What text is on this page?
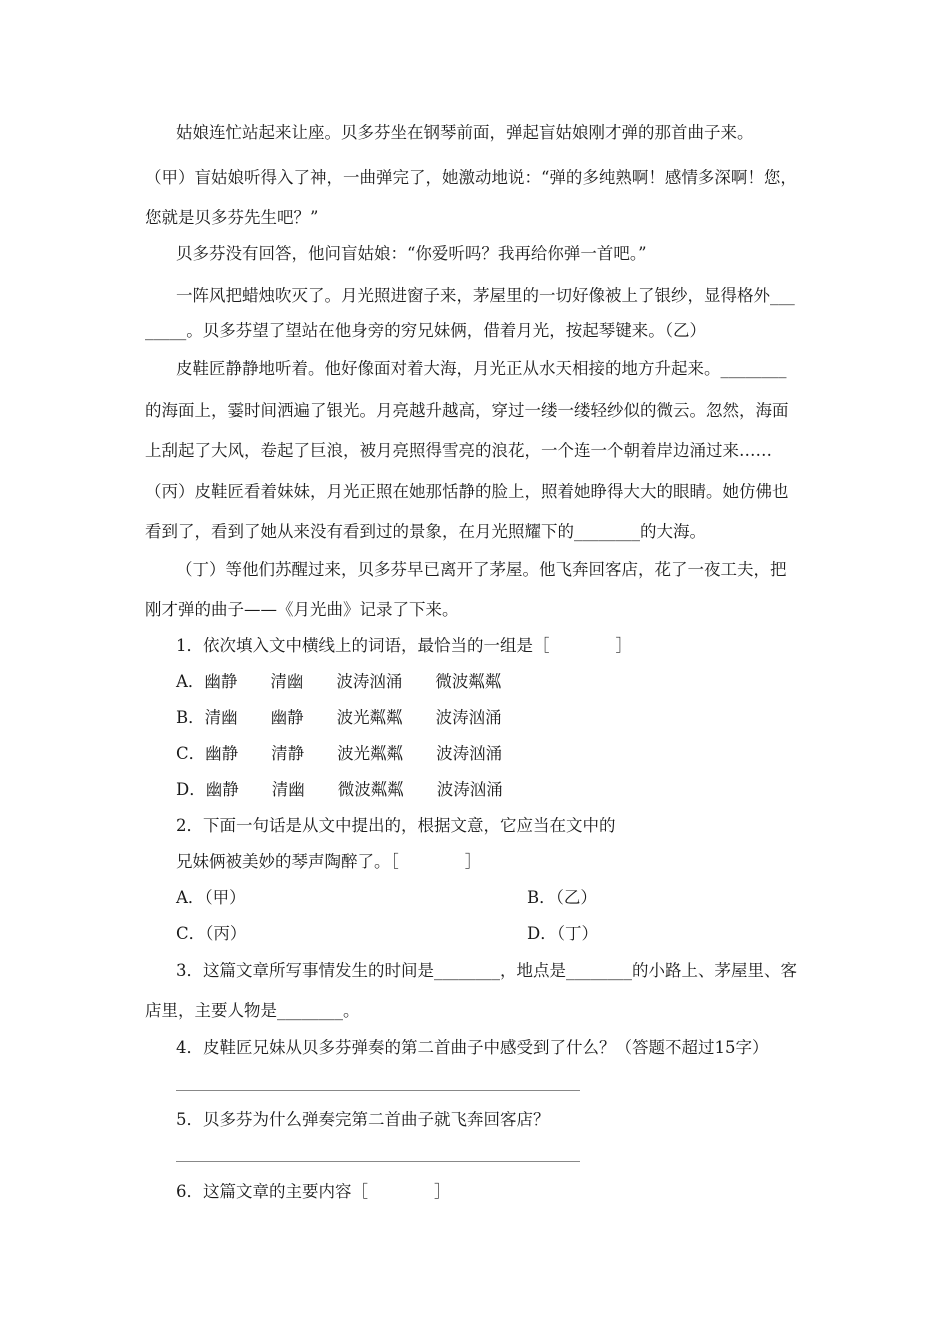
姑娘连忙站起来让座。贝多芬坐在钢琴前面，弹起盲姑娘刚才弹的那首曲子来。
（甲）盲姑娘听得入了神，一曲弹完了，她激动地说：“弹的多纯熟啊！感情多深啊！您，
您就是贝多芬先生吧？”
贝多芬没有回答，他问盲姑娘：“你爱听吗？我再给你弹一首吧。”
一阵风把蜡烛吹灭了。月光照进窗子来，茅屋里的一切好像被上了银纱，显得格外___
_____。贝多芬望了望站在他身旁的穷兄妹俩，借着月光，按起琴键来。（乙）
皮鞋匠静静地听着。他好像面对着大海，月光正从水天相接的地方升起来。________
的海面上，霎时间洒遍了银光。月亮越升越高，穿过一缕一缕轻纱似的微云。忽然，海面
上刮起了大风，卷起了巨浪，被月亮照得雪亮的浪花，一个连一个朝着岸边涌过来……
（丙）皮鞋匠看着妹妹，月光正照在她那恬静的脸上，照着她睁得大大的眼睛。她仿佛也
看到了，看到了她从来没有看到过的景象，在月光照耀下的________的大海。
（丁）等他们苏醒过来，贝多芬早已离开了茅屋。他飞奔回客店，花了一夜工夫，把
刚才弹的曲子——《月光曲》记录了下来。
1．依次填入文中横线上的词语，最恰当的一组是［　　　　］
A．幽静　　清幽　　波涛汹涌　　微波粼粼
B．清幽　　幽静　　波光粼粼　　波涛汹涌
C．幽静　　清静　　波光粼粼　　波涛汹涌
D．幽静　　清幽　　微波粼粼　　波涛汹涌
2．下面一句话是从文中提出的，根据文意，它应当在文中的
兄妹俩被美妙的琴声陶醉了。［　　　　］
A．（甲）	B．（乙）
C．（丙）	D．（丁）
3．这篇文章所写事情发生的时间是________，地点是________的小路上、茅屋里、客
店里，主要人物是________。
4．皮鞋匠兄妹从贝多芬弹奏的第二首曲子中感受到了什么？（答题不超过15字）
5．贝多芬为什么弹奏完第二首曲子就飞奔回客店？
6．这篇文章的主要内容［　　　　］
